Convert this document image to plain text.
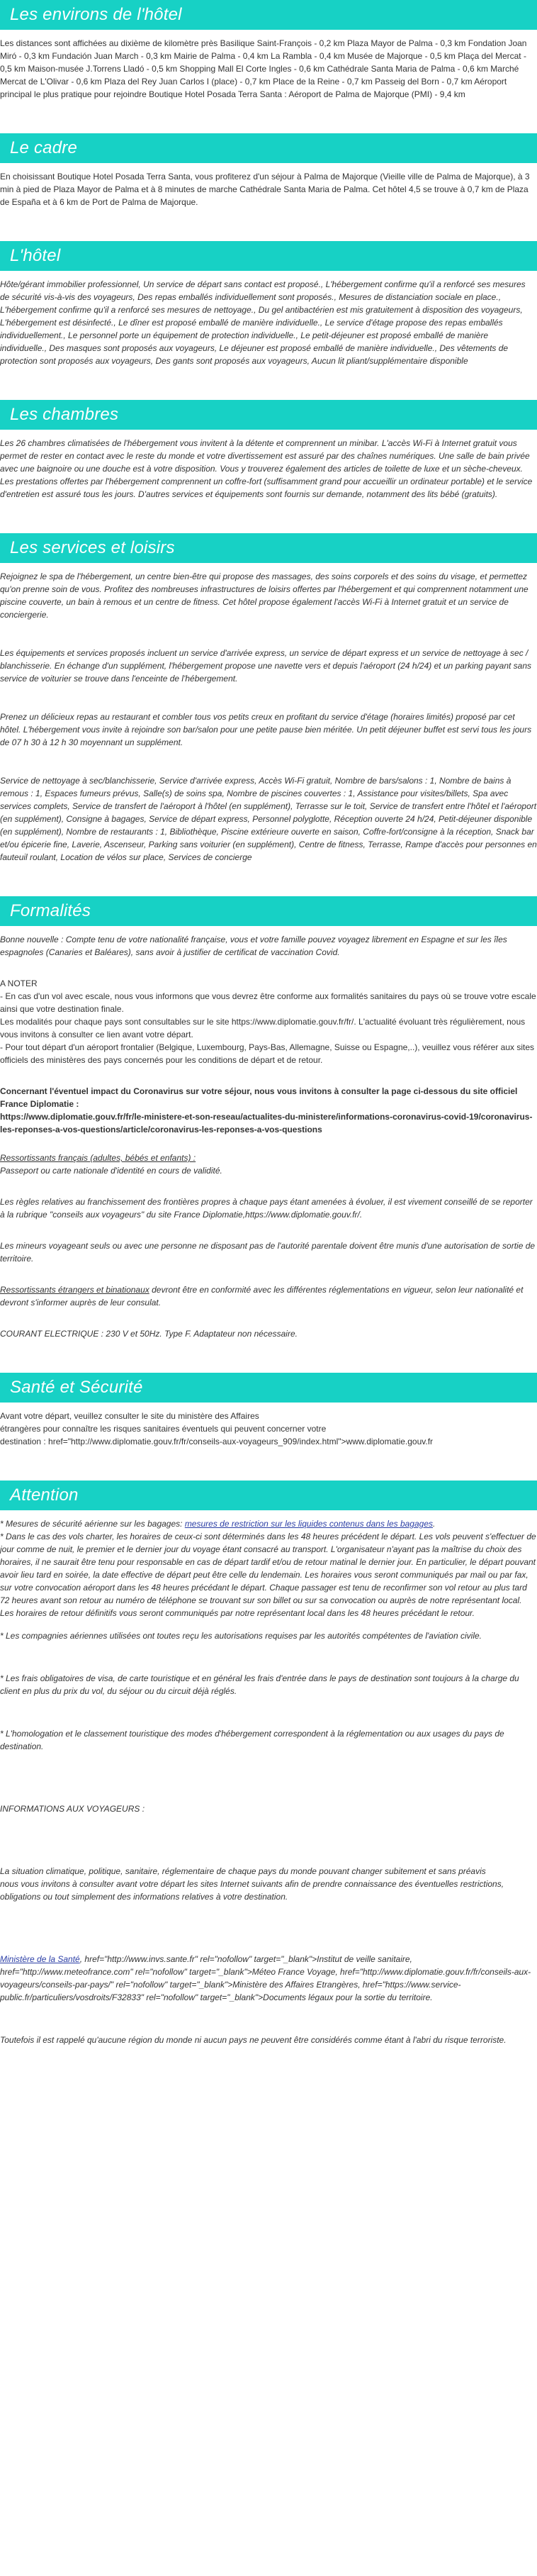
Les environs de l'hôtel
Les distances sont affichées au dixième de kilomètre près Basilique Saint-François - 0,2 km Plaza Mayor de Palma - 0,3 km Fondation Joan Miró - 0,3 km Fundación Juan March - 0,3 km Mairie de Palma - 0,4 km La Rambla - 0,4 km Musée de Majorque - 0,5 km Plaça del Mercat - 0,5 km Maison-musée J.Torrens Lladó - 0,5 km Shopping Mall El Corte Ingles - 0,6 km Cathédrale Santa Maria de Palma - 0,6 km Marché Mercat de L'Olivar - 0,6 km Plaza del Rey Juan Carlos I (place) - 0,7 km Place de la Reine - 0,7 km Passeig del Born - 0,7 km Aéroport principal le plus pratique pour rejoindre Boutique Hotel Posada Terra Santa : Aéroport de Palma de Majorque (PMI) - 9,4 km
Le cadre
En choisissant Boutique Hotel Posada Terra Santa, vous profiterez d'un séjour à Palma de Majorque (Vieille ville de Palma de Majorque), à 3 min à pied de Plaza Mayor de Palma et à 8 minutes de marche Cathédrale Santa Maria de Palma. Cet hôtel 4,5 se trouve à 0,7 km de Plaza de España et à 6 km de Port de Palma de Majorque.
L'hôtel
Hôte/gérant immobilier professionnel, Un service de départ sans contact est proposé., L'hébergement confirme qu'il a renforcé ses mesures de sécurité vis-à-vis des voyageurs, Des repas emballés individuellement sont proposés., Mesures de distanciation sociale en place., L'hébergement confirme qu'il a renforcé ses mesures de nettoyage., Du gel antibactérien est mis gratuitement à disposition des voyageurs, L'hébergement est désinfecté., Le dîner est proposé emballé de manière individuelle., Le service d'étage propose des repas emballés individuellement., Le personnel porte un équipement de protection individuelle., Le petit-déjeuner est proposé emballé de manière individuelle., Des masques sont proposés aux voyageurs, Le déjeuner est proposé emballé de manière individuelle., Des vêtements de protection sont proposés aux voyageurs, Des gants sont proposés aux voyageurs, Aucun lit pliant/supplémentaire disponible
Les chambres
Les 26 chambres climatisées de l'hébergement vous invitent à la détente et comprennent un minibar. L'accès Wi-Fi à Internet gratuit vous permet de rester en contact avec le reste du monde et votre divertissement est assuré par des chaînes numériques. Une salle de bain privée avec une baignoire ou une douche est à votre disposition. Vous y trouverez également des articles de toilette de luxe et un sèche-cheveux. Les prestations offertes par l'hébergement comprennent un coffre-fort (suffisamment grand pour accueillir un ordinateur portable) et le service d'entretien est assuré tous les jours. D'autres services et équipements sont fournis sur demande, notamment des lits bébé (gratuits).
Les services et loisirs
Rejoignez le spa de l'hébergement, un centre bien-être qui propose des massages, des soins corporels et des soins du visage, et permettez qu'on prenne soin de vous. Profitez des nombreuses infrastructures de loisirs offertes par l'hébergement et qui comprennent notamment une piscine couverte, un bain à remous et un centre de fitness. Cet hôtel propose également l'accès Wi-Fi à Internet gratuit et un service de conciergerie.
Les équipements et services proposés incluent un service d'arrivée express, un service de départ express et un service de nettoyage à sec / blanchisserie. En échange d'un supplément, l'hébergement propose une navette vers et depuis l'aéroport (24 h/24) et un parking payant sans service de voiturier se trouve dans l'enceinte de l'hébergement.
Prenez un délicieux repas au restaurant et combler tous vos petits creux en profitant du service d'étage (horaires limités) proposé par cet hôtel. L'hébergement vous invite à rejoindre son bar/salon pour une petite pause bien méritée. Un petit déjeuner buffet est servi tous les jours de 07 h 30 à 12 h 30 moyennant un supplément.
Service de nettoyage à sec/blanchisserie, Service d'arrivée express, Accès Wi-Fi gratuit, Nombre de bars/salons : 1, Nombre de bains à remous : 1, Espaces fumeurs prévus, Salle(s) de soins spa, Nombre de piscines couvertes : 1, Assistance pour visites/billets, Spa avec services complets, Service de transfert de l'aéroport à l'hôtel (en supplément), Terrasse sur le toit, Service de transfert entre l'hôtel et l'aéroport (en supplément), Consigne à bagages, Service de départ express, Personnel polyglotte, Réception ouverte 24 h/24, Petit-déjeuner disponible (en supplément), Nombre de restaurants : 1, Bibliothèque, Piscine extérieure ouverte en saison, Coffre-fort/consigne à la réception, Snack bar et/ou épicerie fine, Laverie, Ascenseur, Parking sans voiturier (en supplément), Centre de fitness, Terrasse, Rampe d'accès pour personnes en fauteuil roulant, Location de vélos sur place, Services de concierge
Formalités
Bonne nouvelle : Compte tenu de votre nationalité française, vous et votre famille pouvez voyagez librement en Espagne et sur les îles espagnoles (Canaries et Baléares), sans avoir à justifier de certificat de vaccination Covid.
A NOTER
- En cas d'un vol avec escale, nous vous informons que vous devrez être conforme aux formalités sanitaires du pays où se trouve votre escale ainsi que votre destination finale.
Les modalités pour chaque pays sont consultables sur le site https://www.diplomatie.gouv.fr/fr/. L'actualité évoluant très régulièrement, nous vous invitons à consulter ce lien avant votre départ.
- Pour tout départ d'un aéroport frontalier (Belgique, Luxembourg, Pays-Bas, Allemagne, Suisse ou Espagne,..), veuillez vous référer aux sites officiels des ministères des pays concernés pour les conditions de départ et de retour.
Concernant l'éventuel impact du Coronavirus sur votre séjour, nous vous invitons à consulter la page ci-dessous du site officiel France Diplomatie :
https://www.diplomatie.gouv.fr/fr/le-ministere-et-son-reseau/actualites-du-ministere/informations-coronavirus-covid-19/coronavirus-les-reponses-a-vos-questions/article/coronavirus-les-reponses-a-vos-questions
Ressortissants français (adultes, bébés et enfants) :
Passeport ou carte nationale d'identité en cours de validité.
Les règles relatives au franchissement des frontières propres à chaque pays étant amenées à évoluer, il est vivement conseillé de se reporter à la rubrique "conseils aux voyageurs" du site France Diplomatie,https://www.diplomatie.gouv.fr/.
Les mineurs voyageant seuls ou avec une personne ne disposant pas de l'autorité parentale doivent être munis d'une autorisation de sortie de territoire.
Ressortissants étrangers et binationaux devront être en conformité avec les différentes réglementations en vigueur, selon leur nationalité et devront s'informer auprès de leur consulat.
COURANT ELECTRIQUE : 230 V et 50Hz. Type F. Adaptateur non nécessaire.
Santé et Sécurité
Avant votre départ, veuillez consulter le site du ministère des Affaires
étrangères pour connaître les risques sanitaires éventuels qui peuvent concerner votre
destination : href="http://www.diplomatie.gouv.fr/fr/conseils-aux-voyageurs_909/index.html">www.diplomatie.gouv.fr
Attention
* Mesures de sécurité aérienne sur les bagages: mesures de restriction sur les liquides contenus dans les bagages.
* Dans le cas des vols charter, les horaires de ceux-ci sont déterminés dans les 48 heures précédent le départ. Les vols peuvent s'effectuer de jour comme de nuit, le premier et le dernier jour du voyage étant consacré au transport. L'organisateur n'ayant pas la maîtrise du choix des horaires, il ne saurait être tenu pour responsable en cas de départ tardif et/ou de retour matinal le dernier jour. En particulier, le départ pouvant avoir lieu tard en soirée, la date effective de départ peut être celle du lendemain. Les horaires vous seront communiqués par mail ou par fax, sur votre convocation aéroport dans les 48 heures précédant le départ. Chaque passager est tenu de reconfirmer son vol retour au plus tard 72 heures avant son retour au numéro de téléphone se trouvant sur son billet ou sur sa convocation ou auprès de notre représentant local. Les horaires de retour définitifs vous seront communiqués par notre représentant local dans les 48 heures précédant le retour.
* Les compagnies aériennes utilisées ont toutes reçu les autorisations requises par les autorités compétentes de l'aviation civile.
* Les frais obligatoires de visa, de carte touristique et en général les frais d'entrée dans le pays de destination sont toujours à la charge du client en plus du prix du vol, du séjour ou du circuit déjà réglés.
* L'homologation et le classement touristique des modes d'hébergement correspondent à la réglementation ou aux usages du pays de destination.
INFORMATIONS AUX VOYAGEURS :
La situation climatique, politique, sanitaire, réglementaire de chaque pays du monde pouvant changer subitement et sans préavis
nous vous invitons à consulter avant votre départ les sites Internet suivants afin de prendre connaissance des éventuelles restrictions, obligations ou tout simplement des informations relatives à votre destination.
Ministère de la Santé, href="http://www.invs.sante.fr" rel="nofollow" target="_blank">Institut de veille sanitaire, href="http://www.meteofrance.com" rel="nofollow" target="_blank">Méteo France Voyage, href="http://www.diplomatie.gouv.fr/fr/conseils-aux-voyageurs/conseils-par-pays/" rel="nofollow" target="_blank">Ministère des Affaires Etrangères, href="https://www.service-public.fr/particuliers/vosdroits/F32833" rel="nofollow" target="_blank">Documents légaux pour la sortie du territoire.
Toutefois il est rappelé qu'aucune région du monde ni aucun pays ne peuvent être considérés comme étant à l'abri du risque terroriste.
